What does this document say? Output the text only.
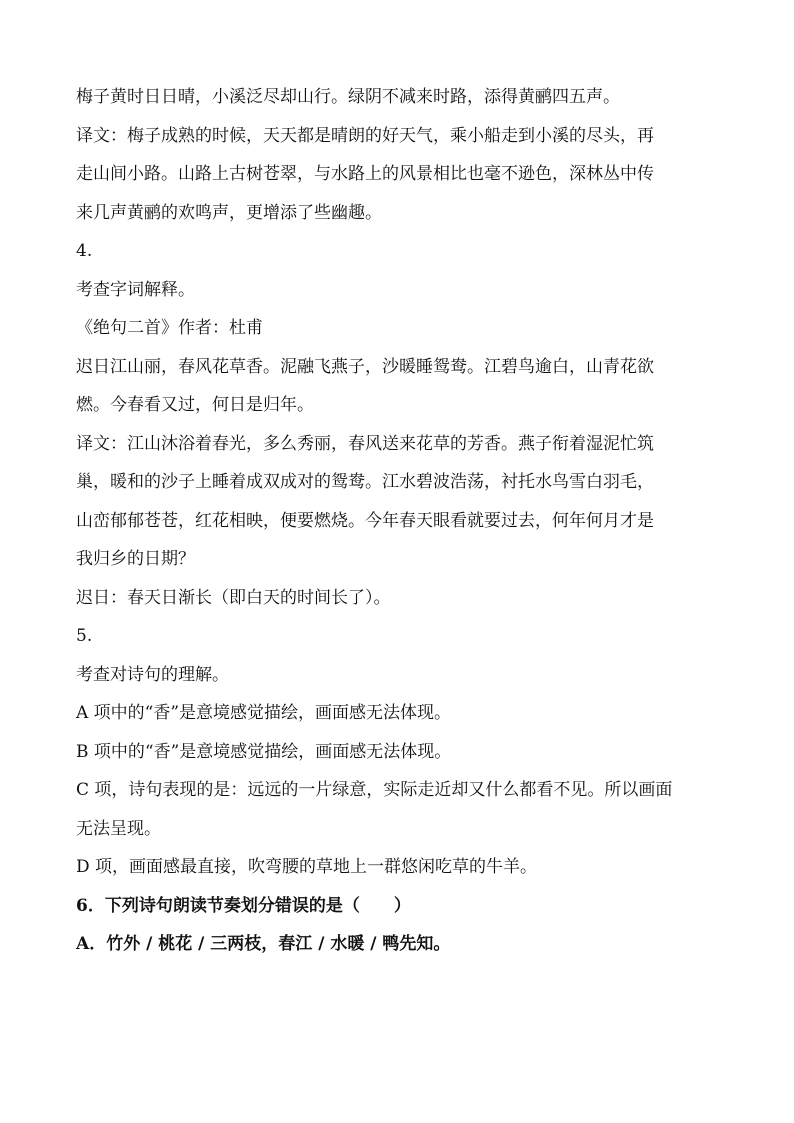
梅子黄时日日晴，小溪泛尽却山行。绿阴不减来时路，添得黄鹂四五声。
译文：梅子成熟的时候，天天都是晴朗的好天气，乘小船走到小溪的尽头，再
走山间小路。山路上古树苍翠，与水路上的风景相比也毫不逊色，深林丛中传
来几声黄鹂的欢鸣声，更增添了些幽趣。
4.
考查字词解释。
《绝句二首》作者：杜甫
迟日江山丽，春风花草香。泥融飞燕子，沙暖睡鸳鸯。江碧鸟逾白，山青花欲
燃。今春看又过，何日是归年。
译文：江山沐浴着春光，多么秀丽，春风送来花草的芳香。燕子衔着湿泥忙筑
巢，暖和的沙子上睡着成双成对的鸳鸯。江水碧波浩荡，衬托水鸟雪白羽毛，
山峦郁郁苍苍，红花相映，便要燃烧。今年春天眼看就要过去，何年何月才是
我归乡的日期？
迟日：春天日渐长（即白天的时间长了）。
5.
考查对诗句的理解。
A 项中的“香”是意境感觉描绘，画面感无法体现。
B 项中的“香”是意境感觉描绘，画面感无法体现。
C 项，诗句表现的是：远远的一片绿意，实际走近却又什么都看不见。所以画面
无法呈现。
D 项，画面感最直接，吹弯腰的草地上一群悠闲吃草的牛羊。
6．下列诗句朗读节奏划分错误的是（　　）
A．竹外 / 桃花 / 三两枝，春江 / 水暖 / 鸭先知。
